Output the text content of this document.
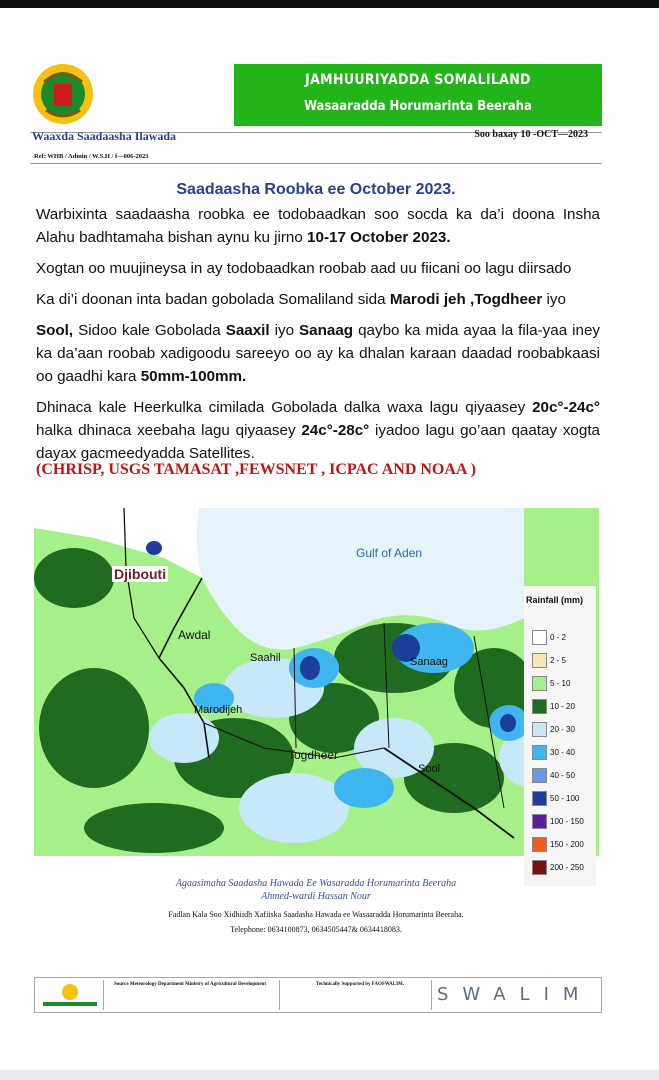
JAMHUURIYADDA SOMALILAND
Wasaaradda Horumarinta Beeraha
Waaxda Saadaasha Ilawada	Soo baxay 10 -OCT—2023
Ref: WHB / Admin / W.S.H / f—006-2023
Saadaasha Roobka ee October 2023.

Warbixinta saadaasha roobka ee todobaadkan soo socda ka da’i doona Insha Alahu badhtamaha bishan aynu ku jirno 10-17 October 2023.

Xogtan oo muujineysa in ay todobaadkan roobab aad uu fiicani oo lagu diirsado

Ka di’i doonan inta badan gobolada Somaliland sida Marodi jeh ,Togdheer iyo

Sool, Sidoo kale Gobolada Saaxil iyo Sanaag qaybo ka mida ayaa la fila-yaa iney ka da’aan roobab xadigoodu sareeyo oo ay ka dhalan karaan daadad roobabkaasi oo gaadhi kara 50mm-100mm.

Dhinaca kale Heerkulka cimilada Gobolada dalka waxa lagu qiyaasey 20c°-24c° halka dhinaca xeebaha lagu qiyaasey 24c°-28c° iyadoo lagu go’aan qaatay xogta dayax gacmeedyadda Satellites.

(CHRISP, USGS TAMASAT ,FEWSNET , ICPAC AND NOAA )
Gulf of Aden
Djibouti
Awdal
Saahil	Sanaag
Marodijeh
Togdheer
Sool
Rainfall (mm)
0 - 2
2 - 5
5 - 10
10 - 20
20 - 30
30 - 40
40 - 50
50 - 100
100 - 150
150 - 200
200 - 250
Agaasimaha Saadasha Hawada Ee Wasaradda Horumarinta Beeraha
Ahmed-wardi Hassan Nour
Fadlan Kala Soo Xidhiidh Xafiiska Saadasha Hawada ee Wasaaradda Horumarinta Beeraha.
Telephone: 0634100873, 0634505447& 0634418083.
Source Meteorology Department Ministry of Agricultural Development	Technically Supported by FAOSWALIM.	SWALIM
